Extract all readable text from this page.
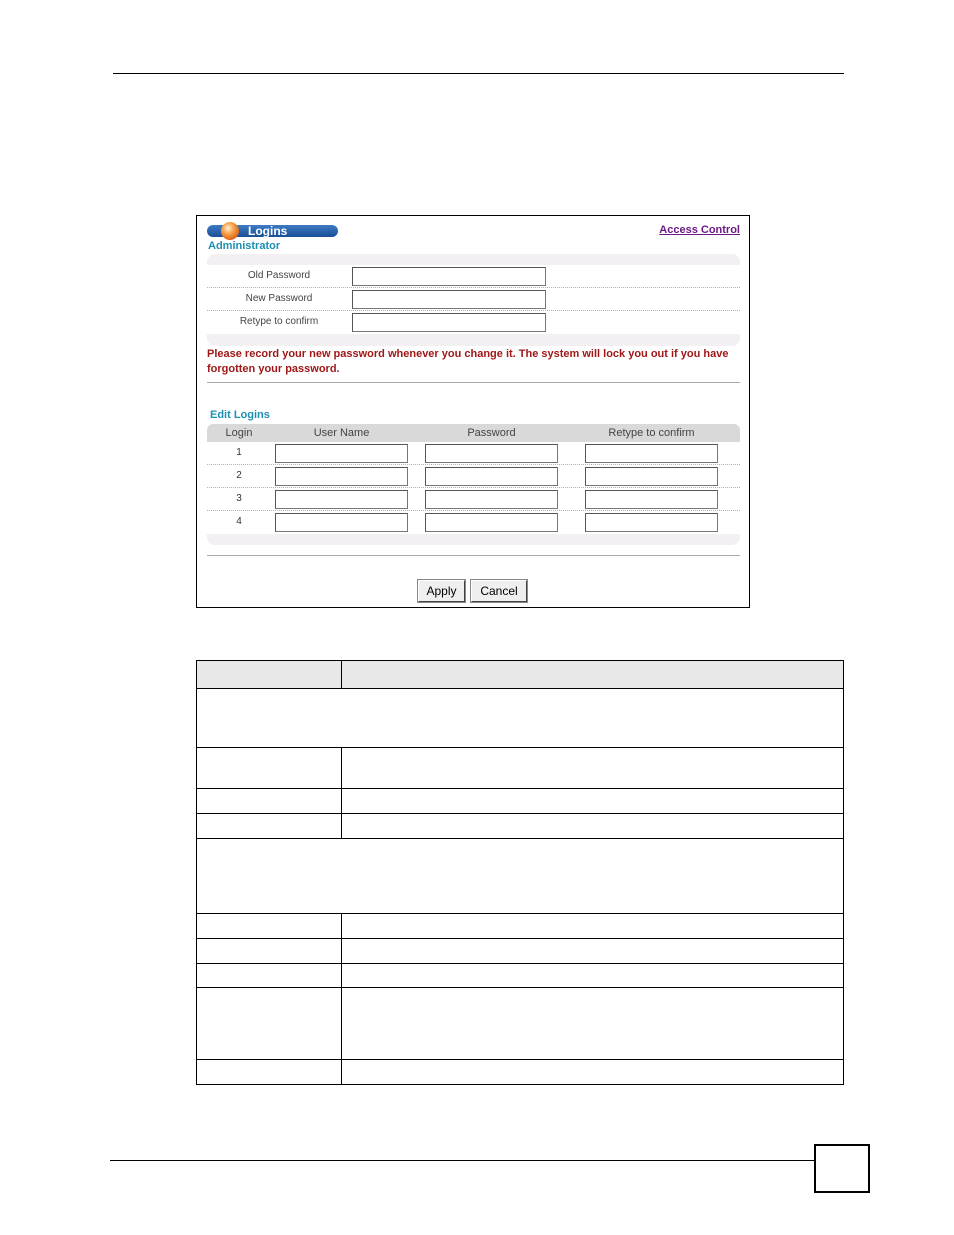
Logins	Access Control
Administrator
Old Password
New Password
Retype to confirm
Please record your new password whenever you change it. The system will lock you out if you have forgotten your password.
Edit Logins
Login	User Name	Password	Retype to confirm
1
2
3
4
Apply	Cancel
